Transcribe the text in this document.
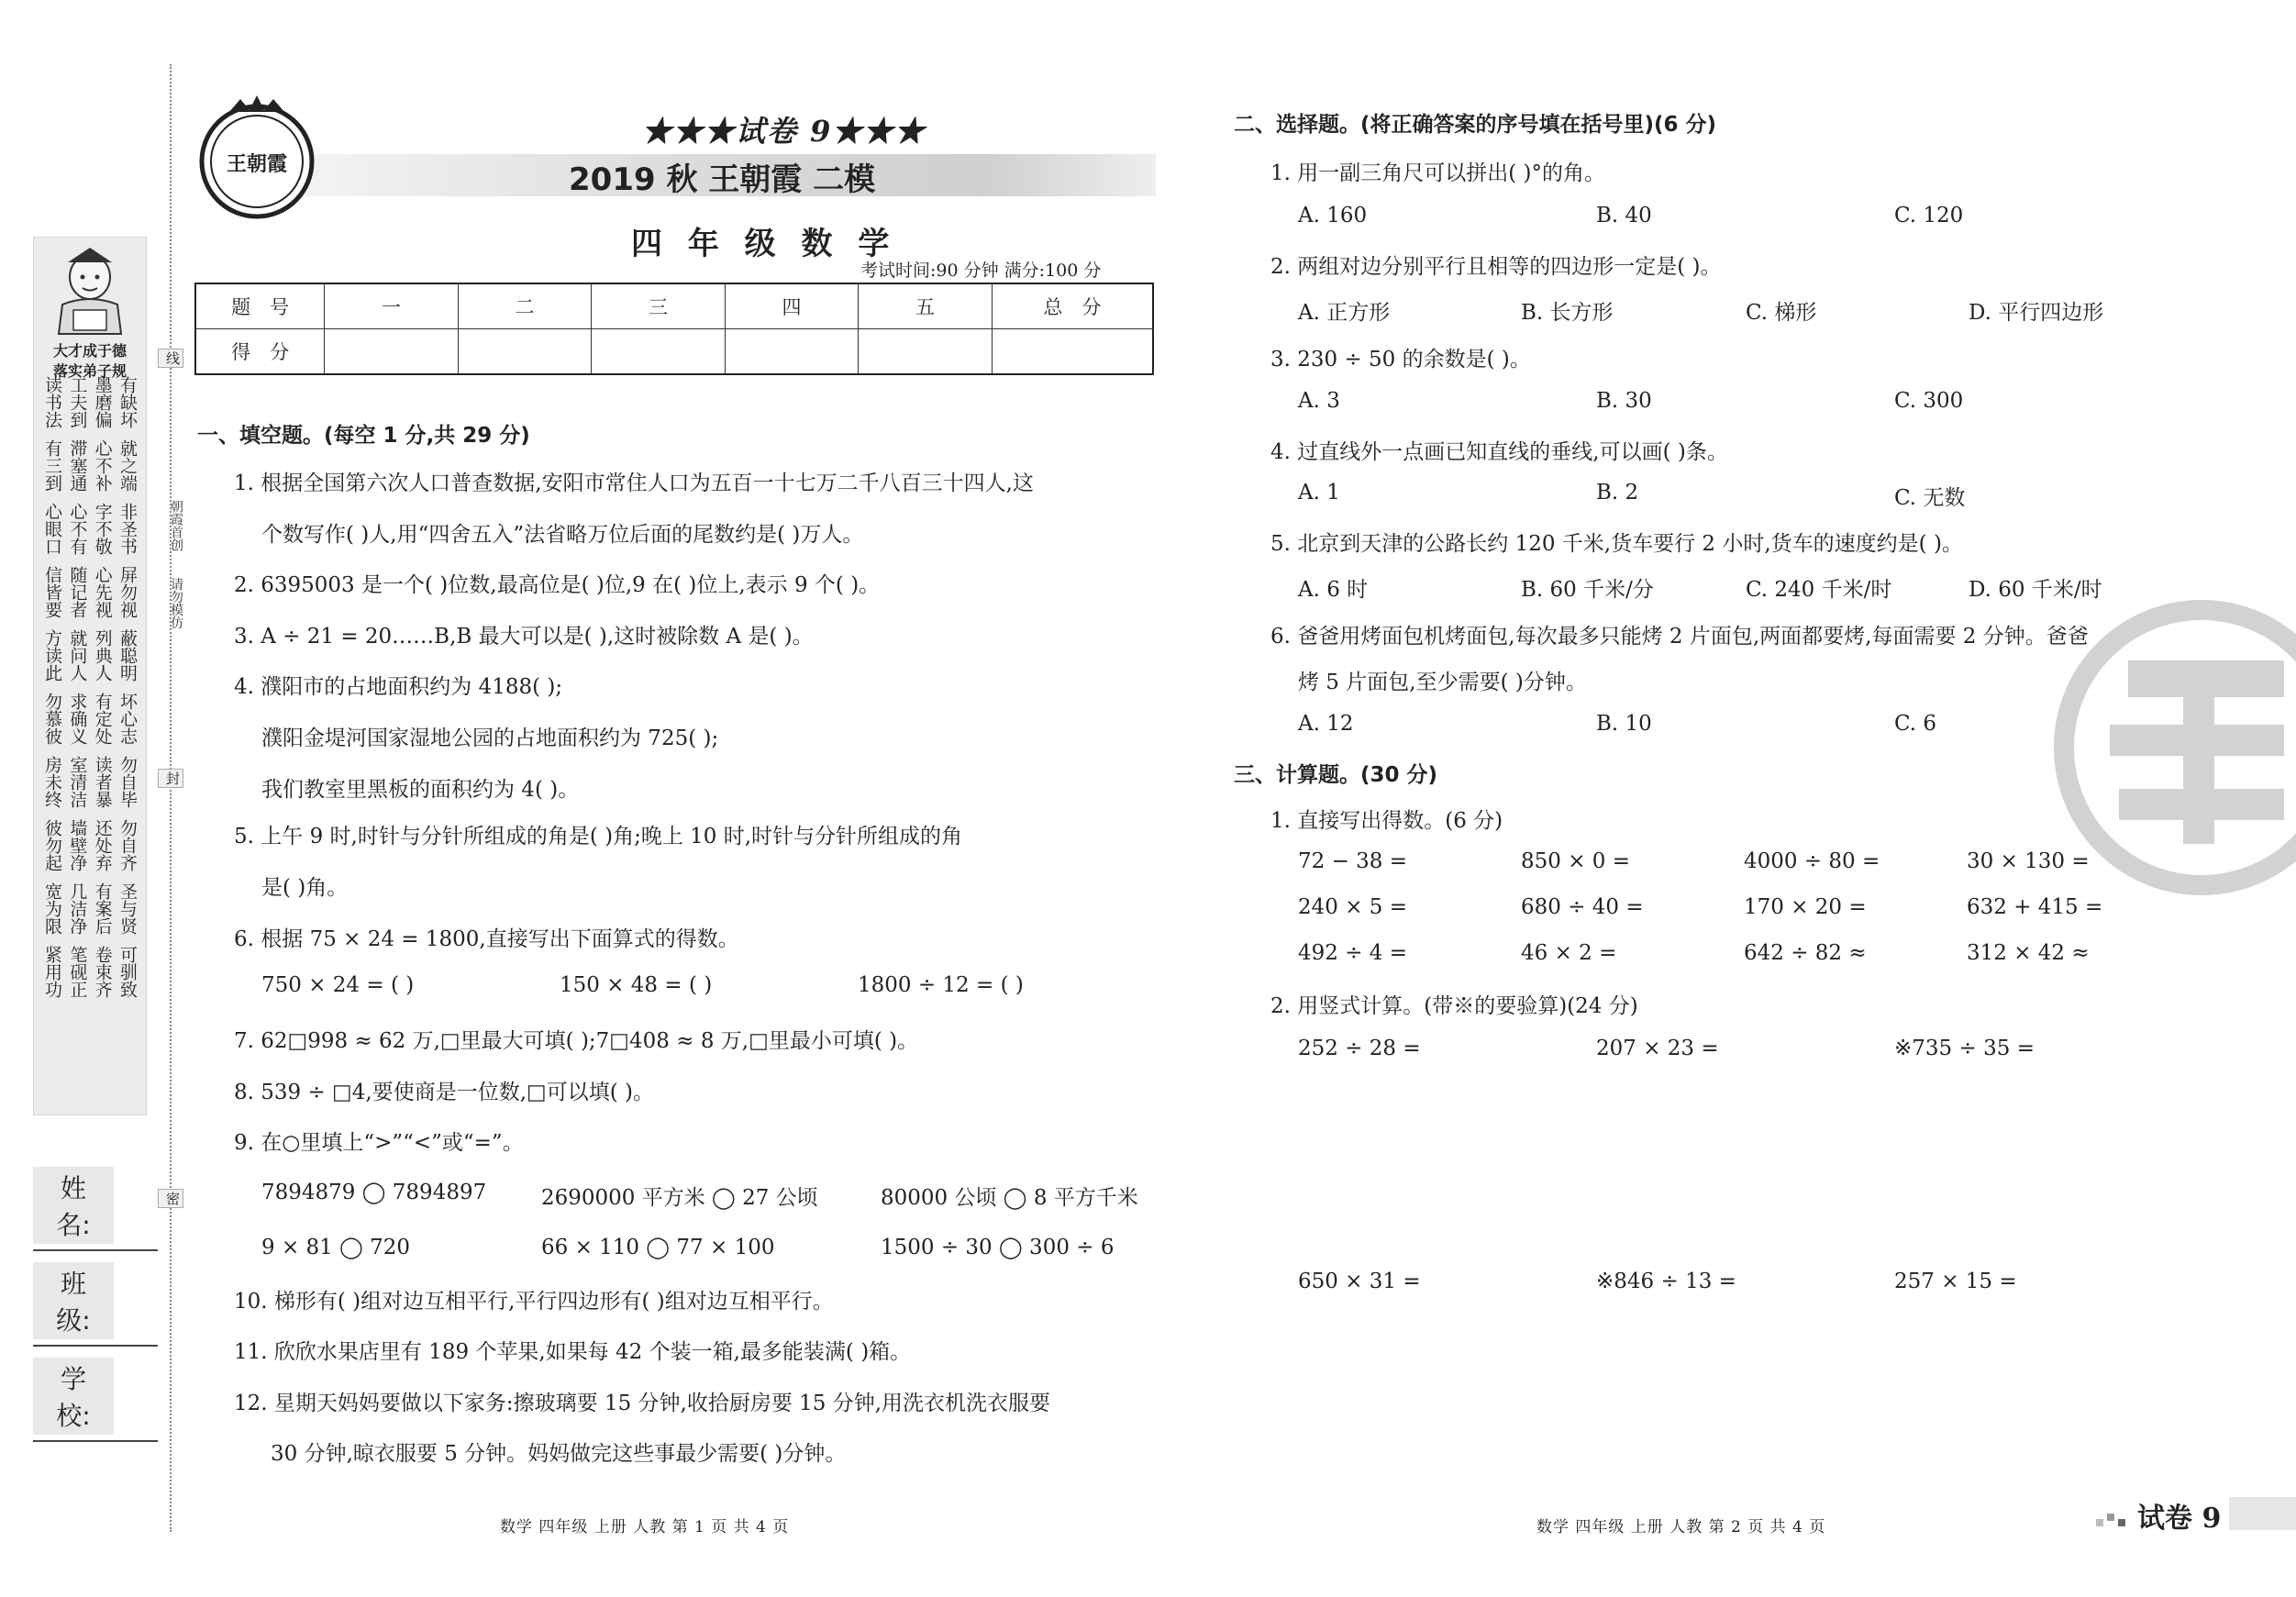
大才成于德
落实弟子规
读书法 工夫到 墨磨偏 有缺坏
有三到 滞塞通 心不补 就之端
心眼口 心不有 字不敬 非圣书
信皆要 随记者 心先视 屏勿视
方读此 就问人 列典人 蔽聪明
勿慕彼 求确义 有定处 坏心志
房未终 室清洁 读者暴 勿自毕
彼勿起 墙壁净 还处弃 勿自齐
宽为限 几洁净 有案后 圣与贤
紧用功 笔砚正 卷束齐 可驯致
姓 名:
班 级:
学 校:
线
封
密
朝霞首创  请勿模仿
王朝霞
★★★试卷 9★★★
2019 秋 王朝霞 二模
四 年 级 数 学
考试时间:90 分钟 满分:100 分
题　号	一	二	三	四	五	总　分
得　分						
一、填空题。(每空 1 分,共 29 分)
1. 根据全国第六次人口普查数据,安阳市常住人口为五百一十七万二千八百三十四人,这
个数写作( )人,用“四舍五入”法省略万位后面的尾数约是( )万人。
2. 6395003 是一个( )位数,最高位是( )位,9 在( )位上,表示 9 个( )。
3. A ÷ 21 = 20……B,B 最大可以是( ),这时被除数 A 是( )。
4. 濮阳市的占地面积约为 4188( );
濮阳金堤河国家湿地公园的占地面积约为 725( );
我们教室里黑板的面积约为 4( )。
5. 上午 9 时,时针与分针所组成的角是( )角;晚上 10 时,时针与分针所组成的角
是( )角。
6. 根据 75 × 24 = 1800,直接写出下面算式的得数。
750 × 24 = ( )	150 × 48 = ( )	1800 ÷ 12 = ( )
7. 62□998 ≈ 62 万,□里最大可填( );7□408 ≈ 8 万,□里最小可填( )。
8. 539 ÷ □4,要使商是一位数,□可以填( )。
9. 在○里填上“>”“<”或“=”。
7894879 ◯ 7894897	2690000 平方米 ◯ 27 公顷	80000 公顷 ◯ 8 平方千米
9 × 81 ◯ 720	66 × 110 ◯ 77 × 100	1500 ÷ 30 ◯ 300 ÷ 6
10. 梯形有( )组对边互相平行,平行四边形有( )组对边互相平行。
11. 欣欣水果店里有 189 个苹果,如果每 42 个装一箱,最多能装满( )箱。
12. 星期天妈妈要做以下家务:擦玻璃要 15 分钟,收拾厨房要 15 分钟,用洗衣机洗衣服要
30 分钟,晾衣服要 5 分钟。妈妈做完这些事最少需要( )分钟。
二、选择题。(将正确答案的序号填在括号里)(6 分)
1. 用一副三角尺可以拼出( )°的角。
A. 160	B. 40	C. 120
2. 两组对边分别平行且相等的四边形一定是( )。
A. 正方形	B. 长方形	C. 梯形	D. 平行四边形
3. 230 ÷ 50 的余数是( )。
A. 3	B. 30	C. 300
4. 过直线外一点画已知直线的垂线,可以画( )条。
A. 1	B. 2	C. 无数
5. 北京到天津的公路长约 120 千米,货车要行 2 小时,货车的速度约是( )。
A. 6 时	B. 60 千米/分	C. 240 千米/时	D. 60 千米/时
6. 爸爸用烤面包机烤面包,每次最多只能烤 2 片面包,两面都要烤,每面需要 2 分钟。爸爸
烤 5 片面包,至少需要( )分钟。
A. 12	B. 10	C. 6
三、计算题。(30 分)
1. 直接写出得数。(6 分)
72 − 38 =	850 × 0 =	4000 ÷ 80 =	30 × 130 =
240 × 5 =	680 ÷ 40 =	170 × 20 =	632 + 415 =
492 ÷ 4 =	46 × 2 =	642 ÷ 82 ≈	312 × 42 ≈
2. 用竖式计算。(带※的要验算)(24 分)
252 ÷ 28 =	207 × 23 =	※735 ÷ 35 =
650 × 31 =	※846 ÷ 13 =	257 × 15 =
数学 四年级 上册 人教 第 1 页 共 4 页	数学 四年级 上册 人教 第 2 页 共 4 页	试卷 9
